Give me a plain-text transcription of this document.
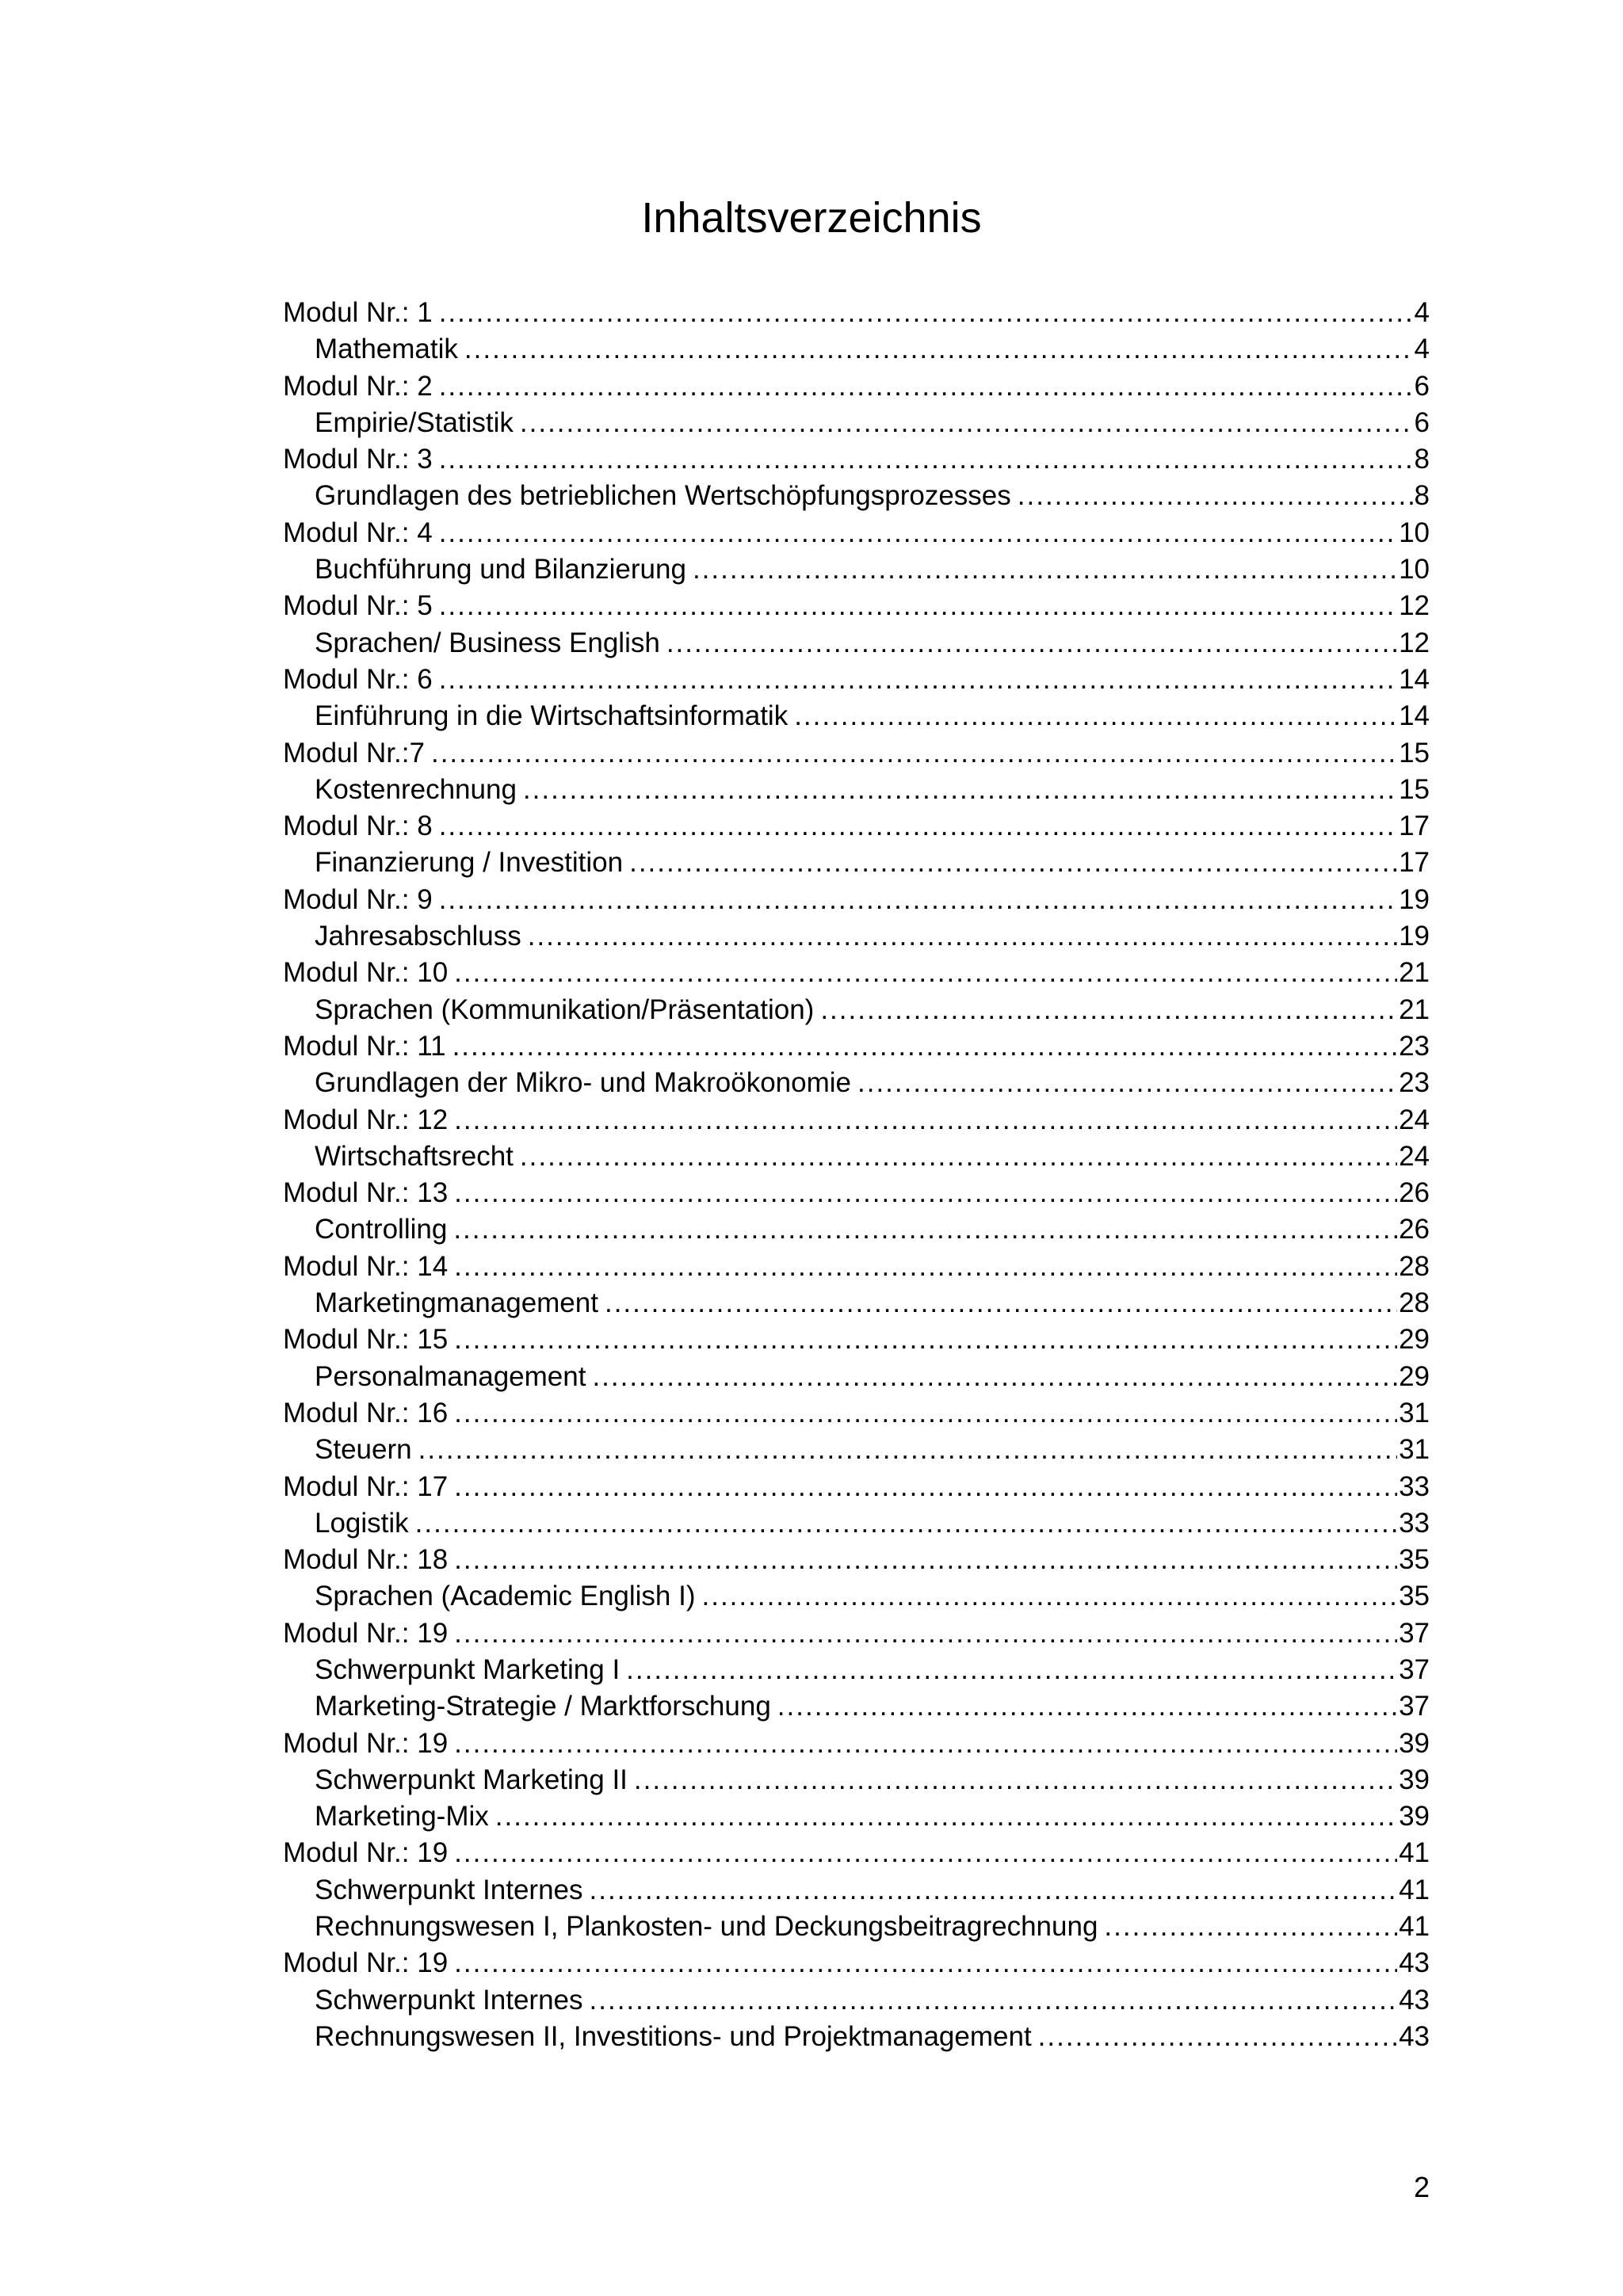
Inhaltsverzeichnis
Modul Nr.: 1 .....	4
Mathematik .....	4
Modul Nr.: 2 .....	6
Empirie/Statistik .....	6
Modul Nr.: 3 .....	8
Grundlagen des betrieblichen Wertschöpfungsprozesses .....	8
Modul Nr.: 4 .....	10
Buchführung und Bilanzierung .....	10
Modul Nr.: 5 .....	12
Sprachen/ Business English .....	12
Modul Nr.: 6 .....	14
Einführung in die Wirtschaftsinformatik .....	14
Modul Nr.:7 .....	15
Kostenrechnung .....	15
Modul Nr.: 8 .....	17
Finanzierung / Investition .....	17
Modul Nr.: 9 .....	19
Jahresabschluss .....	19
Modul Nr.: 10 .....	21
Sprachen (Kommunikation/Präsentation) .....	21
Modul Nr.: 11 .....	23
Grundlagen der Mikro- und Makroökonomie .....	23
Modul Nr.: 12 .....	24
Wirtschaftsrecht .....	24
Modul Nr.: 13 .....	26
Controlling .....	26
Modul Nr.: 14 .....	28
Marketingmanagement .....	28
Modul Nr.: 15 .....	29
Personalmanagement .....	29
Modul Nr.: 16 .....	31
Steuern .....	31
Modul Nr.: 17 .....	33
Logistik .....	33
Modul Nr.: 18 .....	35
Sprachen (Academic English I) .....	35
Modul Nr.: 19 .....	37
Schwerpunkt Marketing I .....	37
Marketing-Strategie / Marktforschung .....	37
Modul Nr.: 19 .....	39
Schwerpunkt Marketing II .....	39
Marketing-Mix .....	39
Modul Nr.: 19 .....	41
Schwerpunkt Internes .....	41
Rechnungswesen I, Plankosten- und Deckungsbeitragrechnung .....	41
Modul Nr.: 19 .....	43
Schwerpunkt Internes .....	43
Rechnungswesen II, Investitions- und Projektmanagement .....	43
2
